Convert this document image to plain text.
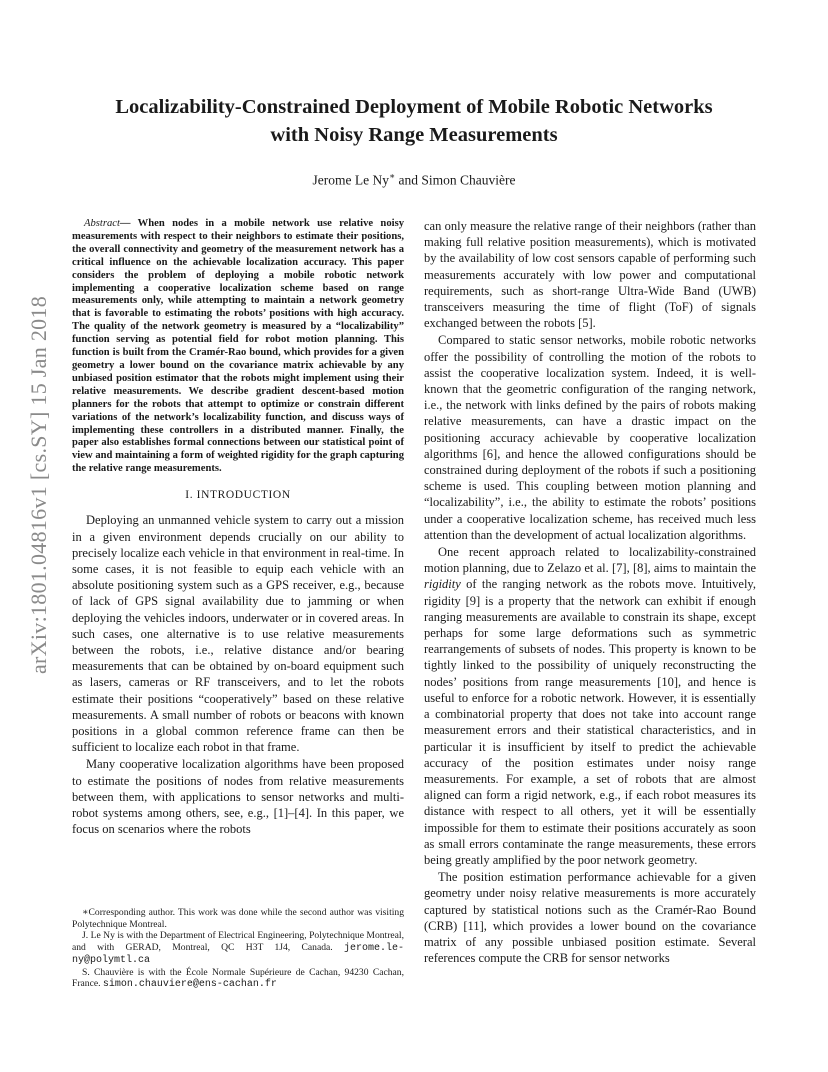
arXiv:1801.04816v1 [cs.SY] 15 Jan 2018
Localizability-Constrained Deployment of Mobile Robotic Networks
with Noisy Range Measurements
Jerome Le Ny∗ and Simon Chauvière

Abstract— When nodes in a mobile network use relative noisy measurements with respect to their neighbors to estimate their positions, the overall connectivity and geometry of the measurement network has a critical influence on the achievable localization accuracy. This paper considers the problem of deploying a mobile robotic network implementing a cooperative localization scheme based on range measurements only, while attempting to maintain a network geometry that is favorable to estimating the robots’ positions with high accuracy. The quality of the network geometry is measured by a “localizability” function serving as potential field for robot motion planning. This function is built from the Cramér-Rao bound, which provides for a given geometry a lower bound on the covariance matrix achievable by any unbiased position estimator that the robots might implement using their relative measurements. We describe gradient descent-based motion planners for the robots that attempt to optimize or constrain different variations of the network’s localizability function, and discuss ways of implementing these controllers in a distributed manner. Finally, the paper also establishes formal connections between our statistical point of view and maintaining a form of weighted rigidity for the graph capturing the relative range measurements.

I. INTRODUCTION

Deploying an unmanned vehicle system to carry out a mission in a given environment depends crucially on our ability to precisely localize each vehicle in that environment in real-time. In some cases, it is not feasible to equip each vehicle with an absolute positioning system such as a GPS receiver, e.g., because of lack of GPS signal availability due to jamming or when deploying the vehicles indoors, underwater or in covered areas. In such cases, one alternative is to use relative measurements between the robots, i.e., relative distance and/or bearing measurements that can be obtained by on-board equipment such as lasers, cameras or RF transceivers, and to let the robots estimate their positions “cooperatively” based on these relative measurements. A small number of robots or beacons with known positions in a global common reference frame can then be sufficient to localize each robot in that frame.

Many cooperative localization algorithms have been proposed to estimate the positions of nodes from relative measurements between them, with applications to sensor networks and multi-robot systems among others, see, e.g., [1]–[4]. In this paper, we focus on scenarios where the robots

∗Corresponding author. This work was done while the second author was visiting Polytechnique Montreal.

J. Le Ny is with the Department of Electrical Engineering, Polytechnique Montreal, and with GERAD, Montreal, QC H3T 1J4, Canada. jerome.le-ny@polymtl.ca

S. Chauvière is with the École Normale Supérieure de Cachan, 94230 Cachan, France. simon.chauviere@ens-cachan.fr

can only measure the relative range of their neighbors (rather than making full relative position measurements), which is motivated by the availability of low cost sensors capable of performing such measurements accurately with low power and computational requirements, such as short-range Ultra-Wide Band (UWB) transceivers measuring the time of flight (ToF) of signals exchanged between the robots [5].

Compared to static sensor networks, mobile robotic networks offer the possibility of controlling the motion of the robots to assist the cooperative localization system. Indeed, it is well-known that the geometric configuration of the ranging network, i.e., the network with links defined by the pairs of robots making relative measurements, can have a drastic impact on the positioning accuracy achievable by cooperative localization algorithms [6], and hence the allowed configurations should be constrained during deployment of the robots if such a positioning scheme is used. This coupling between motion planning and “localizability”, i.e., the ability to estimate the robots’ positions under a cooperative localization scheme, has received much less attention than the development of actual localization algorithms.

One recent approach related to localizability-constrained motion planning, due to Zelazo et al. [7], [8], aims to maintain the rigidity of the ranging network as the robots move. Intuitively, rigidity [9] is a property that the network can exhibit if enough ranging measurements are available to constrain its shape, except perhaps for some large deformations such as symmetric rearrangements of subsets of nodes. This property is known to be tightly linked to the possibility of uniquely reconstructing the nodes’ positions from range measurements [10], and hence is useful to enforce for a robotic network. However, it is essentially a combinatorial property that does not take into account range measurement errors and their statistical characteristics, and in particular it is insufficient by itself to predict the achievable accuracy of the position estimates under noisy range measurements. For example, a set of robots that are almost aligned can form a rigid network, e.g., if each robot measures its distance with respect to all others, yet it will be essentially impossible for them to estimate their positions accurately as soon as small errors contaminate the range measurements, these errors being greatly amplified by the poor network geometry.

The position estimation performance achievable for a given geometry under noisy relative measurements is more accurately captured by statistical notions such as the Cramér-Rao Bound (CRB) [11], which provides a lower bound on the covariance matrix of any possible unbiased position estimate. Several references compute the CRB for sensor networks
